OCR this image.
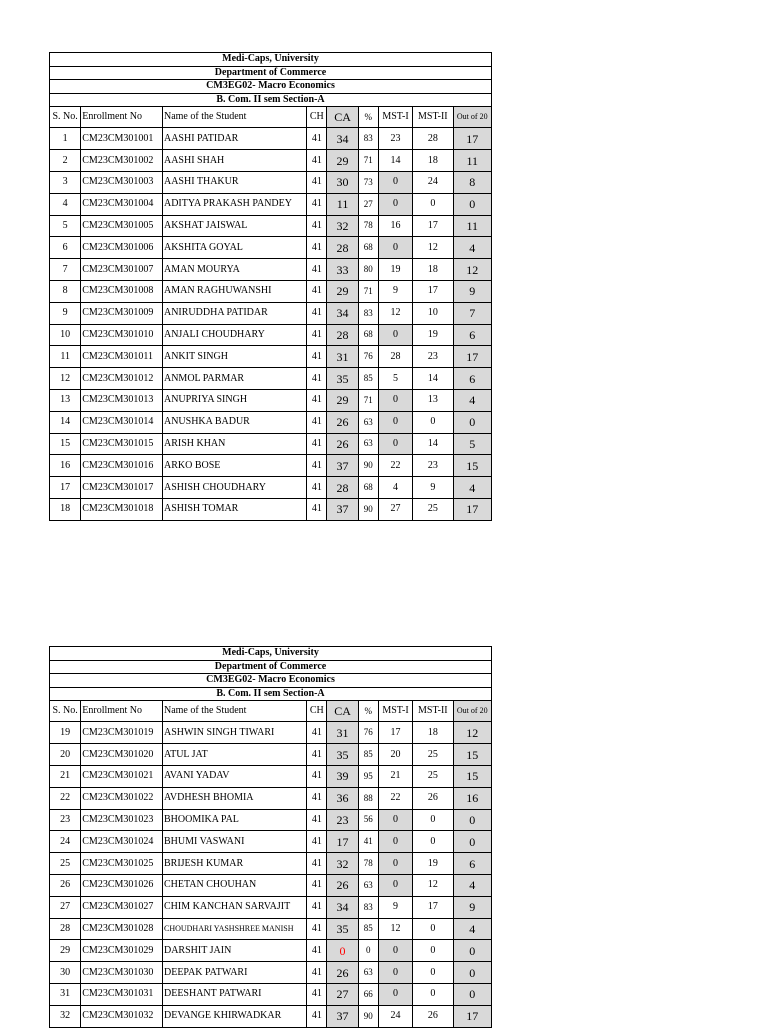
Medi-Caps, University								
Department of Commerce								
CM3EG02- Macro Economics								
B. Com. II sem Section-A								
S. No.	Enrollment No	Name of the Student	CH	CA	%	MST-I	MST-II	Out of 20
1	CM23CM301001	AASHI PATIDAR	41	34	83	23	28	17
2	CM23CM301002	AASHI SHAH	41	29	71	14	18	11
3	CM23CM301003	AASHI THAKUR	41	30	73	0	24	8
4	CM23CM301004	ADITYA PRAKASH PANDEY	41	11	27	0	0	0
5	CM23CM301005	AKSHAT JAISWAL	41	32	78	16	17	11
6	CM23CM301006	AKSHITA GOYAL	41	28	68	0	12	4
7	CM23CM301007	AMAN MOURYA	41	33	80	19	18	12
8	CM23CM301008	AMAN RAGHUWANSHI	41	29	71	9	17	9
9	CM23CM301009	ANIRUDDHA PATIDAR	41	34	83	12	10	7
10	CM23CM301010	ANJALI CHOUDHARY	41	28	68	0	19	6
11	CM23CM301011	ANKIT SINGH	41	31	76	28	23	17
12	CM23CM301012	ANMOL PARMAR	41	35	85	5	14	6
13	CM23CM301013	ANUPRIYA SINGH	41	29	71	0	13	4
14	CM23CM301014	ANUSHKA BADUR	41	26	63	0	0	0
15	CM23CM301015	ARISH KHAN	41	26	63	0	14	5
16	CM23CM301016	ARKO BOSE	41	37	90	22	23	15
17	CM23CM301017	ASHISH CHOUDHARY	41	28	68	4	9	4
18	CM23CM301018	ASHISH TOMAR	41	37	90	27	25	17
Medi-Caps, University								
Department of Commerce								
CM3EG02- Macro Economics								
B. Com. II sem Section-A								
S. No.	Enrollment No	Name of the Student	CH	CA	%	MST-I	MST-II	Out of 20
19	CM23CM301019	ASHWIN SINGH TIWARI	41	31	76	17	18	12
20	CM23CM301020	ATUL JAT	41	35	85	20	25	15
21	CM23CM301021	AVANI YADAV	41	39	95	21	25	15
22	CM23CM301022	AVDHESH BHOMIA	41	36	88	22	26	16
23	CM23CM301023	BHOOMIKA PAL	41	23	56	0	0	0
24	CM23CM301024	BHUMI VASWANI	41	17	41	0	0	0
25	CM23CM301025	BRIJESH KUMAR	41	32	78	0	19	6
26	CM23CM301026	CHETAN CHOUHAN	41	26	63	0	12	4
27	CM23CM301027	CHIM KANCHAN SARVAJIT	41	34	83	9	17	9
28	CM23CM301028	CHOUDHARI YASHSHREE MANISH	41	35	85	12	0	4
29	CM23CM301029	DARSHIT JAIN	41	0	0	0	0	0
30	CM23CM301030	DEEPAK PATWARI	41	26	63	0	0	0
31	CM23CM301031	DEESHANT PATWARI	41	27	66	0	0	0
32	CM23CM301032	DEVANGE KHIRWADKAR	41	37	90	24	26	17
